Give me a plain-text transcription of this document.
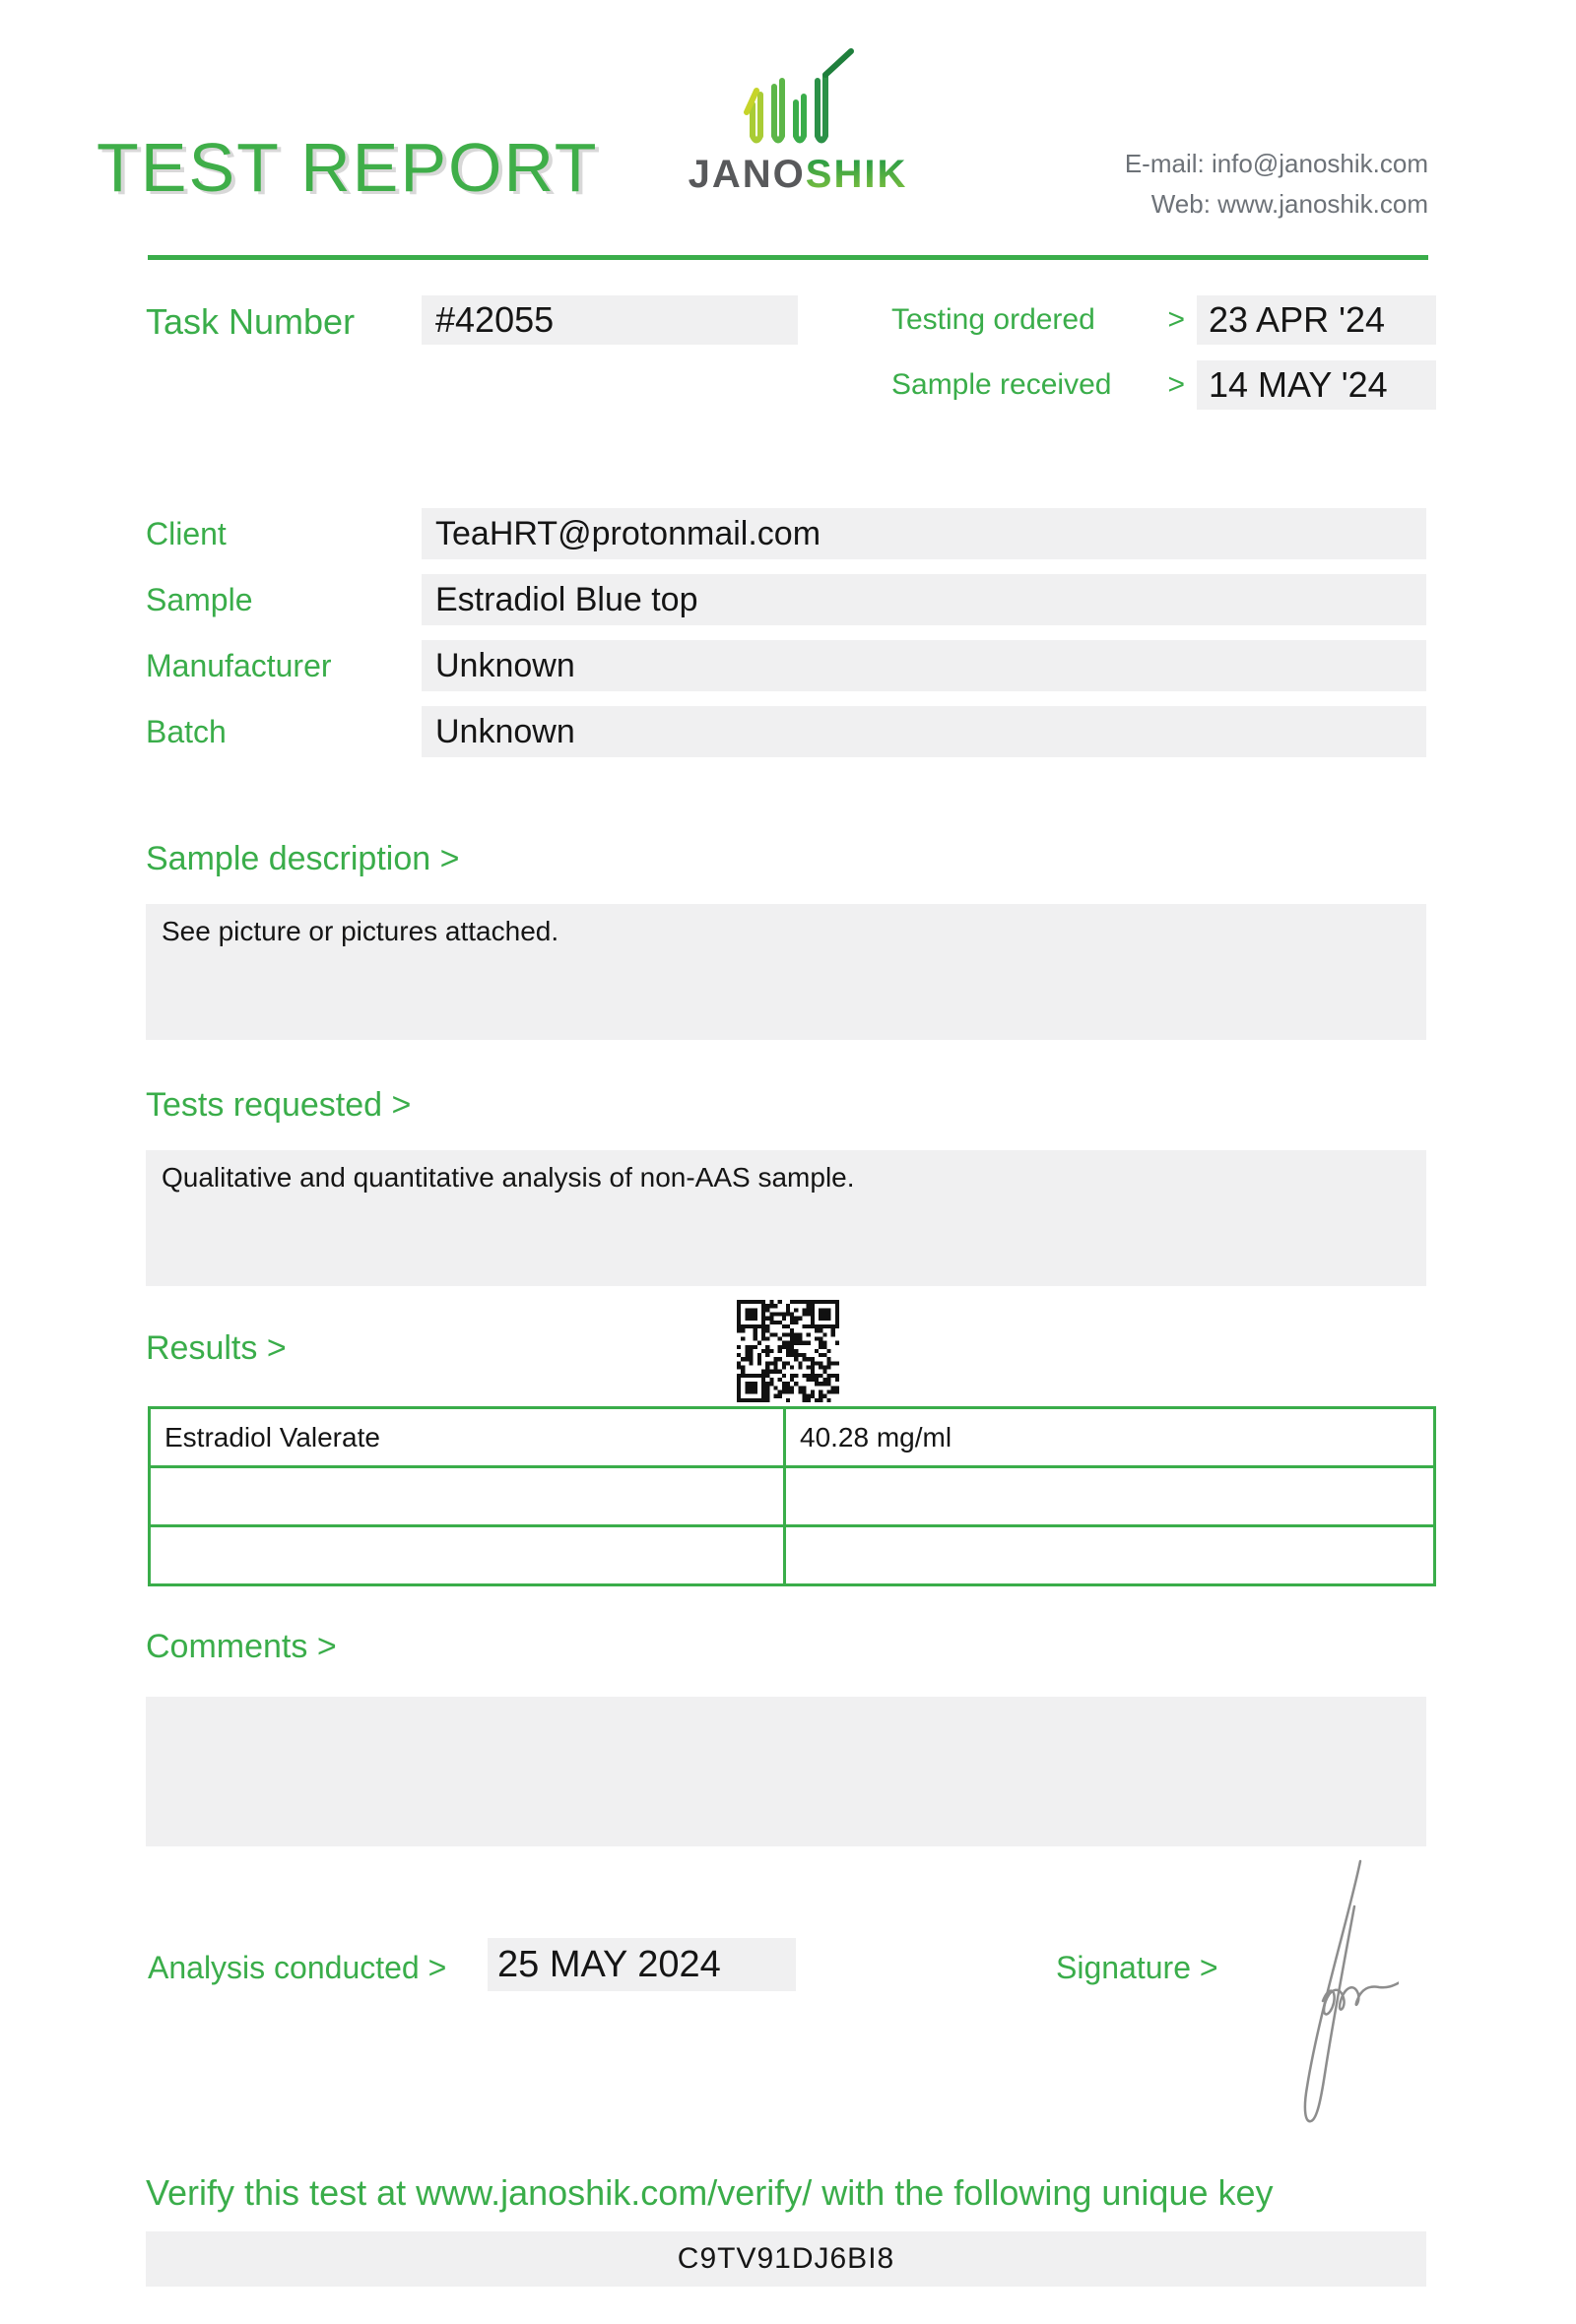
TEST REPORT	JANOSHIK	E-mail: info@janoshik.com
Web: www.janoshik.com
Task Number	#42055	Testing ordered > 23 APR '24
Sample received > 14 MAY '24
Client	TeaHRT@protonmail.com
Sample	Estradiol Blue top
Manufacturer	Unknown
Batch	Unknown
Sample description >
See picture or pictures attached.
Tests requested >
Qualitative and quantitative analysis of non-AAS sample.
Results >
Estradiol Valerate	40.28 mg/ml
Comments >
Analysis conducted > 25 MAY 2024	Signature >
Verify this test at www.janoshik.com/verify/ with the following unique key
C9TV91DJ6BI8
